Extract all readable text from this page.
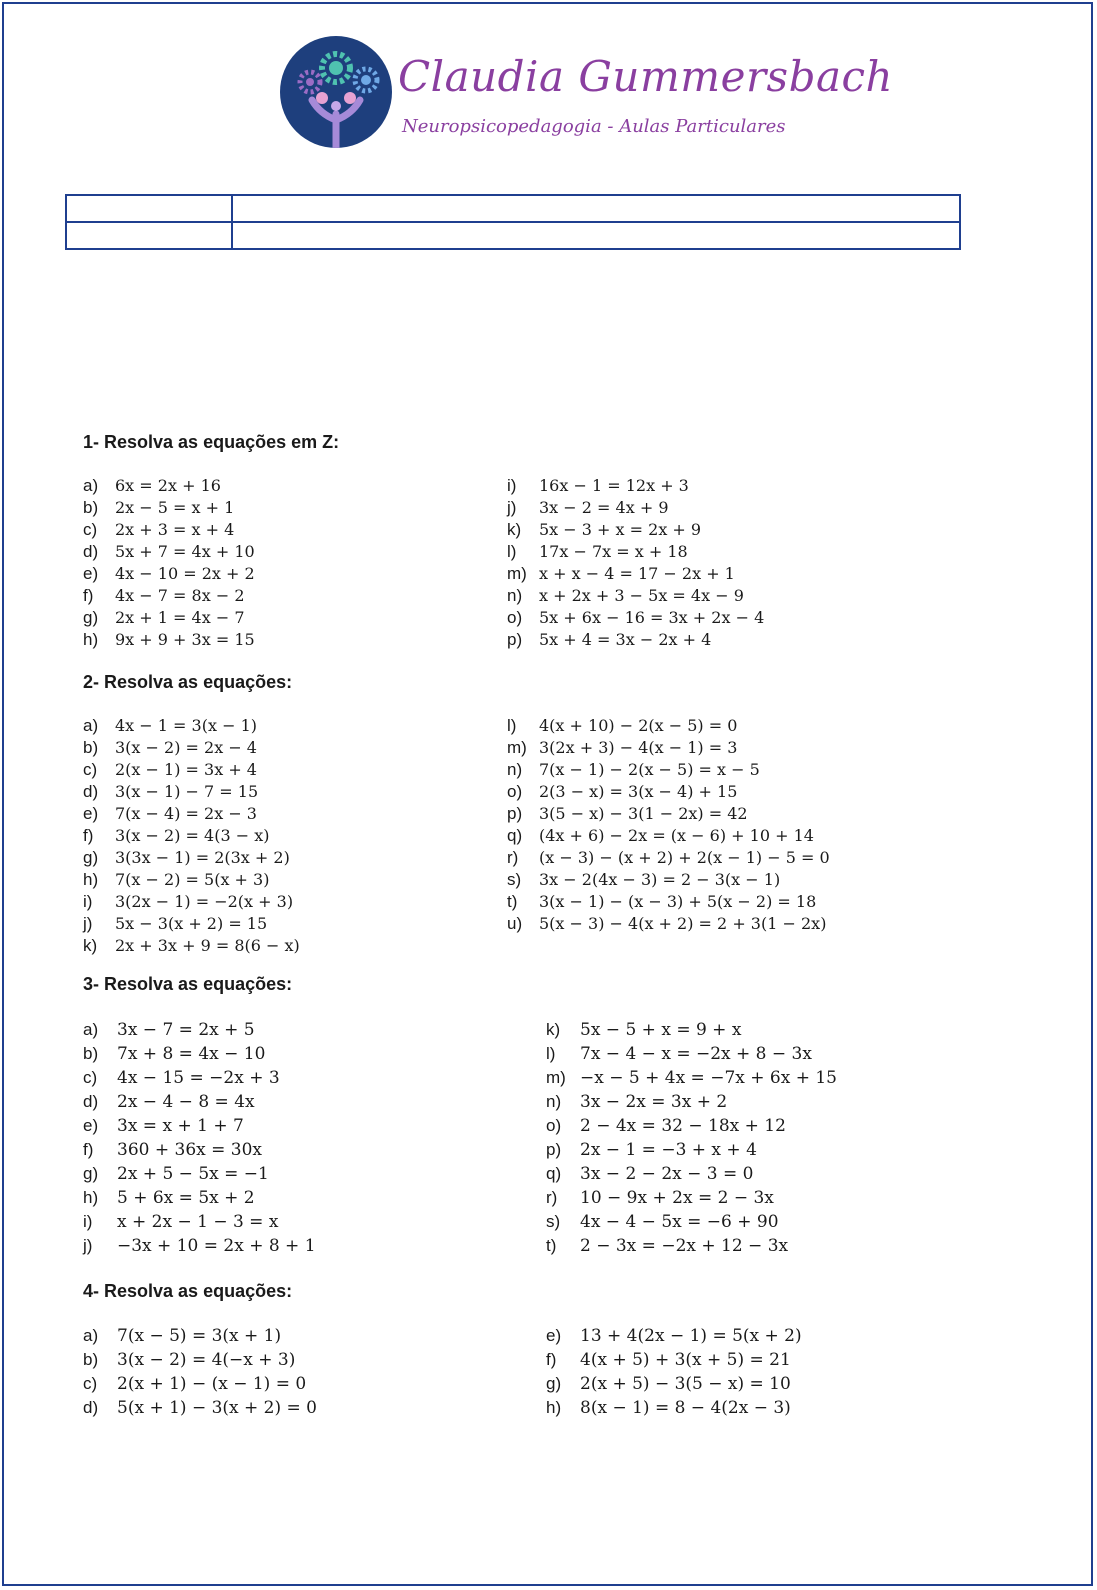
Claudia Gummersbach
Neuropsicopedagogia - Aulas Particulares

1- Resolva as equações em Z:
a)	6x = 2x + 16
b)	2x − 5 = x + 1
c)	2x + 3 = x + 4
d)	5x + 7 = 4x + 10
e)	4x − 10 = 2x + 2
f)	4x − 7 = 8x − 2
g)	2x + 1 = 4x − 7
h)	9x + 9 + 3x = 15
i)	16x − 1 = 12x + 3
j)	3x − 2 = 4x + 9
k)	5x − 3 + x = 2x + 9
l)	17x − 7x = x + 18
m) x + x − 4 = 17 − 2x + 1
n)	x + 2x + 3 − 5x = 4x − 9
o)	5x + 6x − 16 = 3x + 2x − 4
p)	5x + 4 = 3x − 2x + 4
2- Resolva as equações:
a)	4x − 1 = 3(x − 1)
b)	3(x − 2) = 2x − 4
c)	2(x − 1) = 3x + 4
d)	3(x − 1) − 7 = 15
e)	7(x − 4) = 2x − 3
f)	3(x − 2) = 4(3 − x)
g)	3(3x − 1) = 2(3x + 2)
h)	7(x − 2) = 5(x + 3)
i)	3(2x − 1) = −2(x + 3)
j)	5x − 3(x + 2) = 15
k)	2x + 3x + 9 = 8(6 − x)
l)	4(x + 10) − 2(x − 5) = 0
m) 3(2x + 3) − 4(x − 1) = 3
n)	7(x − 1) − 2(x − 5) = x − 5
o)	2(3 − x) = 3(x − 4) + 15
p)	3(5 − x) − 3(1 − 2x) = 42
q)	(4x + 6) − 2x = (x − 6) + 10 + 14
r)	(x − 3) − (x + 2) + 2(x − 1) − 5 = 0
s)	3x − 2(4x − 3) = 2 − 3(x − 1)
t)	3(x − 1) − (x − 3) + 5(x − 2) = 18
u)	5(x − 3) − 4(x + 2) = 2 + 3(1 − 2x)
3- Resolva as equações:
a)	3x − 7 = 2x + 5
b)	7x + 8 = 4x − 10
c)	4x − 15 = −2x + 3
d)	2x − 4 − 8 = 4x
e)	3x = x + 1 + 7
f)	360 + 36x = 30x
g)	2x + 5 − 5x = −1
h)	5 + 6x = 5x + 2
i)	x + 2x − 1 − 3 = x
j)	−3x + 10 = 2x + 8 + 1
k)	5x − 5 + x = 9 + x
l)	7x − 4 − x = −2x + 8 − 3x
m) −x − 5 + 4x = −7x + 6x + 15
n)	3x − 2x = 3x + 2
o)	2 − 4x = 32 − 18x + 12
p)	2x − 1 = −3 + x + 4
q)	3x − 2 − 2x − 3 = 0
r)	10 − 9x + 2x = 2 − 3x
s)	4x − 4 − 5x = −6 + 90
t)	2 − 3x = −2x + 12 − 3x
4- Resolva as equações:
a)	7(x − 5) = 3(x + 1)
b)	3(x − 2) = 4(−x + 3)
c)	2(x + 1) − (x − 1) = 0
d)	5(x + 1) − 3(x + 2) = 0
e)	13 + 4(2x − 1) = 5(x + 2)
f)	4(x + 5) + 3(x + 5) = 21
g)	2(x + 5) − 3(5 − x) = 10
h)	8(x − 1) = 8 − 4(2x − 3)
